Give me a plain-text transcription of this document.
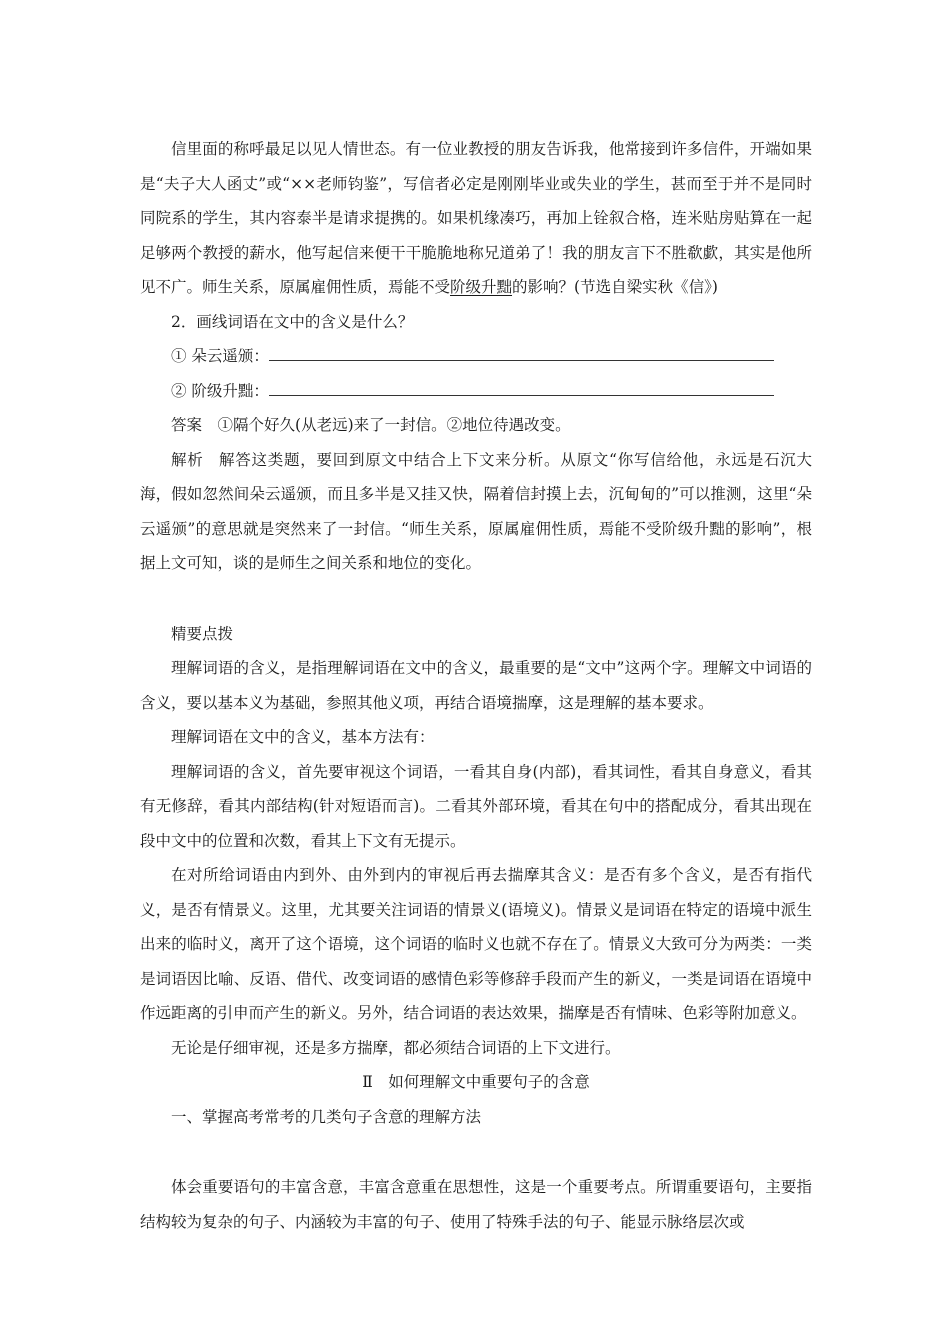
信里面的称呼最足以见人情世态。有一位业教授的朋友告诉我，他常接到许多信件，开端如果是“夫子大人函丈”或“××老师钧鉴”，写信者必定是刚刚毕业或失业的学生，甚而至于并不是同时同院系的学生，其内容泰半是请求提携的。如果机缘凑巧，再加上铨叙合格，连米贴房贴算在一起足够两个教授的薪水，他写起信来便干干脆脆地称兄道弟了！我的朋友言下不胜欷歔，其实是他所见不广。师生关系，原属雇佣性质，焉能不受阶级升黜的影响？(节选自梁实秋《信》)

2．画线词语在文中的含义是什么？

① 朵云遥颁：

② 阶级升黜：

答案 ①隔个好久(从老远)来了一封信。②地位待遇改变。

解析 解答这类题，要回到原文中结合上下文来分析。从原文“你写信给他，永远是石沉大海，假如忽然间朵云遥颁，而且多半是又挂又快，隔着信封摸上去，沉甸甸的”可以推测，这里“朵云遥颁”的意思就是突然来了一封信。“师生关系，原属雇佣性质，焉能不受阶级升黜的影响”，根据上文可知，谈的是师生之间关系和地位的变化。

精要点拨

理解词语的含义，是指理解词语在文中的含义，最重要的是“文中”这两个字。理解文中词语的含义，要以基本义为基础，参照其他义项，再结合语境揣摩，这是理解的基本要求。

理解词语在文中的含义，基本方法有：

理解词语的含义，首先要审视这个词语，一看其自身(内部)，看其词性，看其自身意义，看其有无修辞，看其内部结构(针对短语而言)。二看其外部环境，看其在句中的搭配成分，看其出现在段中文中的位置和次数，看其上下文有无提示。

在对所给词语由内到外、由外到内的审视后再去揣摩其含义：是否有多个含义，是否有指代义，是否有情景义。这里，尤其要关注词语的情景义(语境义)。情景义是词语在特定的语境中派生出来的临时义，离开了这个语境，这个词语的临时义也就不存在了。情景义大致可分为两类：一类是词语因比喻、反语、借代、改变词语的感情色彩等修辞手段而产生的新义，一类是词语在语境中作远距离的引申而产生的新义。另外，结合词语的表达效果，揣摩是否有情味、色彩等附加意义。

无论是仔细审视，还是多方揣摩，都必须结合词语的上下文进行。

Ⅱ　如何理解文中重要句子的含意

一、掌握高考常考的几类句子含意的理解方法

体会重要语句的丰富含意，丰富含意重在思想性，这是一个重要考点。所谓重要语句，主要指结构较为复杂的句子、内涵较为丰富的句子、使用了特殊手法的句子、能显示脉络层次或
